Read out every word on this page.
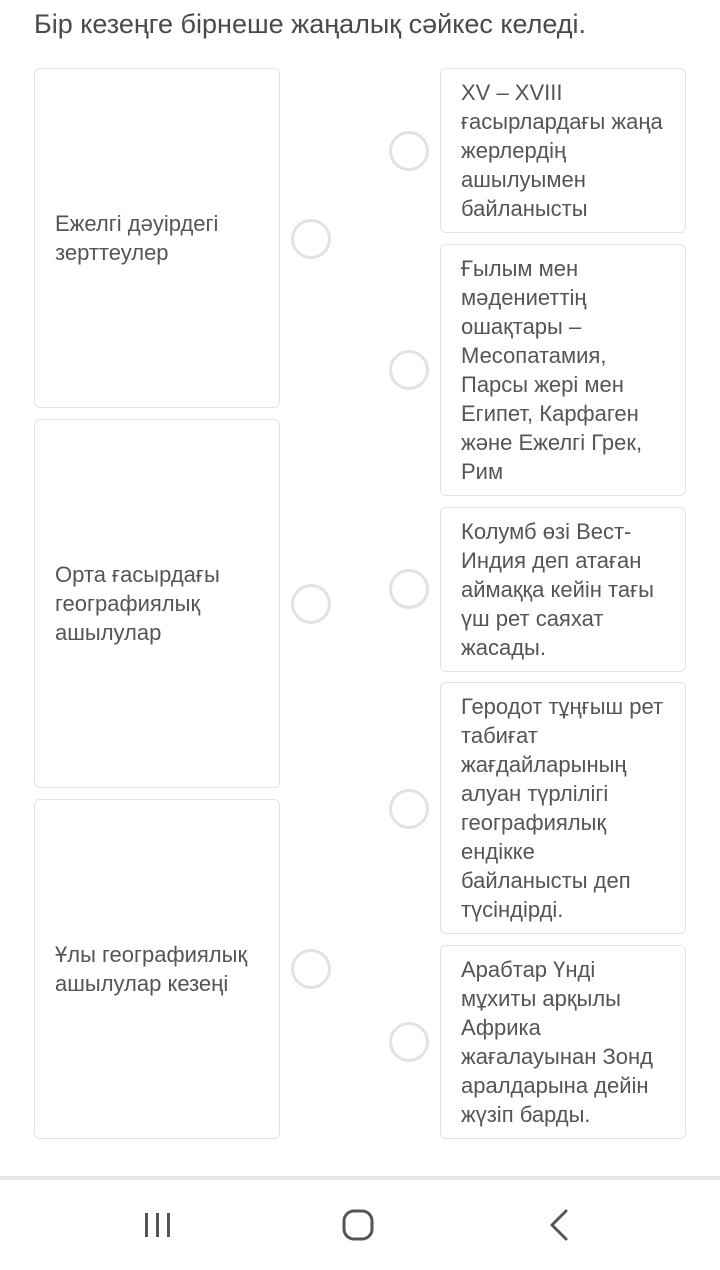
Бір кезеңге бірнеше жаңалық сәйкес келеді.
Ежелгі дәуірдегі зерттеулер
Орта ғасырдағы географиялық ашылулар
Ұлы географиялық ашылулар кезеңі
XV – XVIII ғасырлардағы жаңа жерлердің ашылуымен байланысты
Ғылым мен мәдениеттің ошақтары – Месопатамия, Парсы жері мен Египет, Карфаген және Ежелгі Грек, Рим
Колумб өзі Вест-Индия деп атаған аймаққа кейін тағы үш рет саяхат жасады.
Геродот тұңғыш рет табиғат жағдайларының алуан түрлілігі географиялық ендікке байланысты деп түсіндірді.
Арабтар Үнді мұхиты арқылы Африка жағалауынан Зонд аралдарына дейін жүзіп барды.
